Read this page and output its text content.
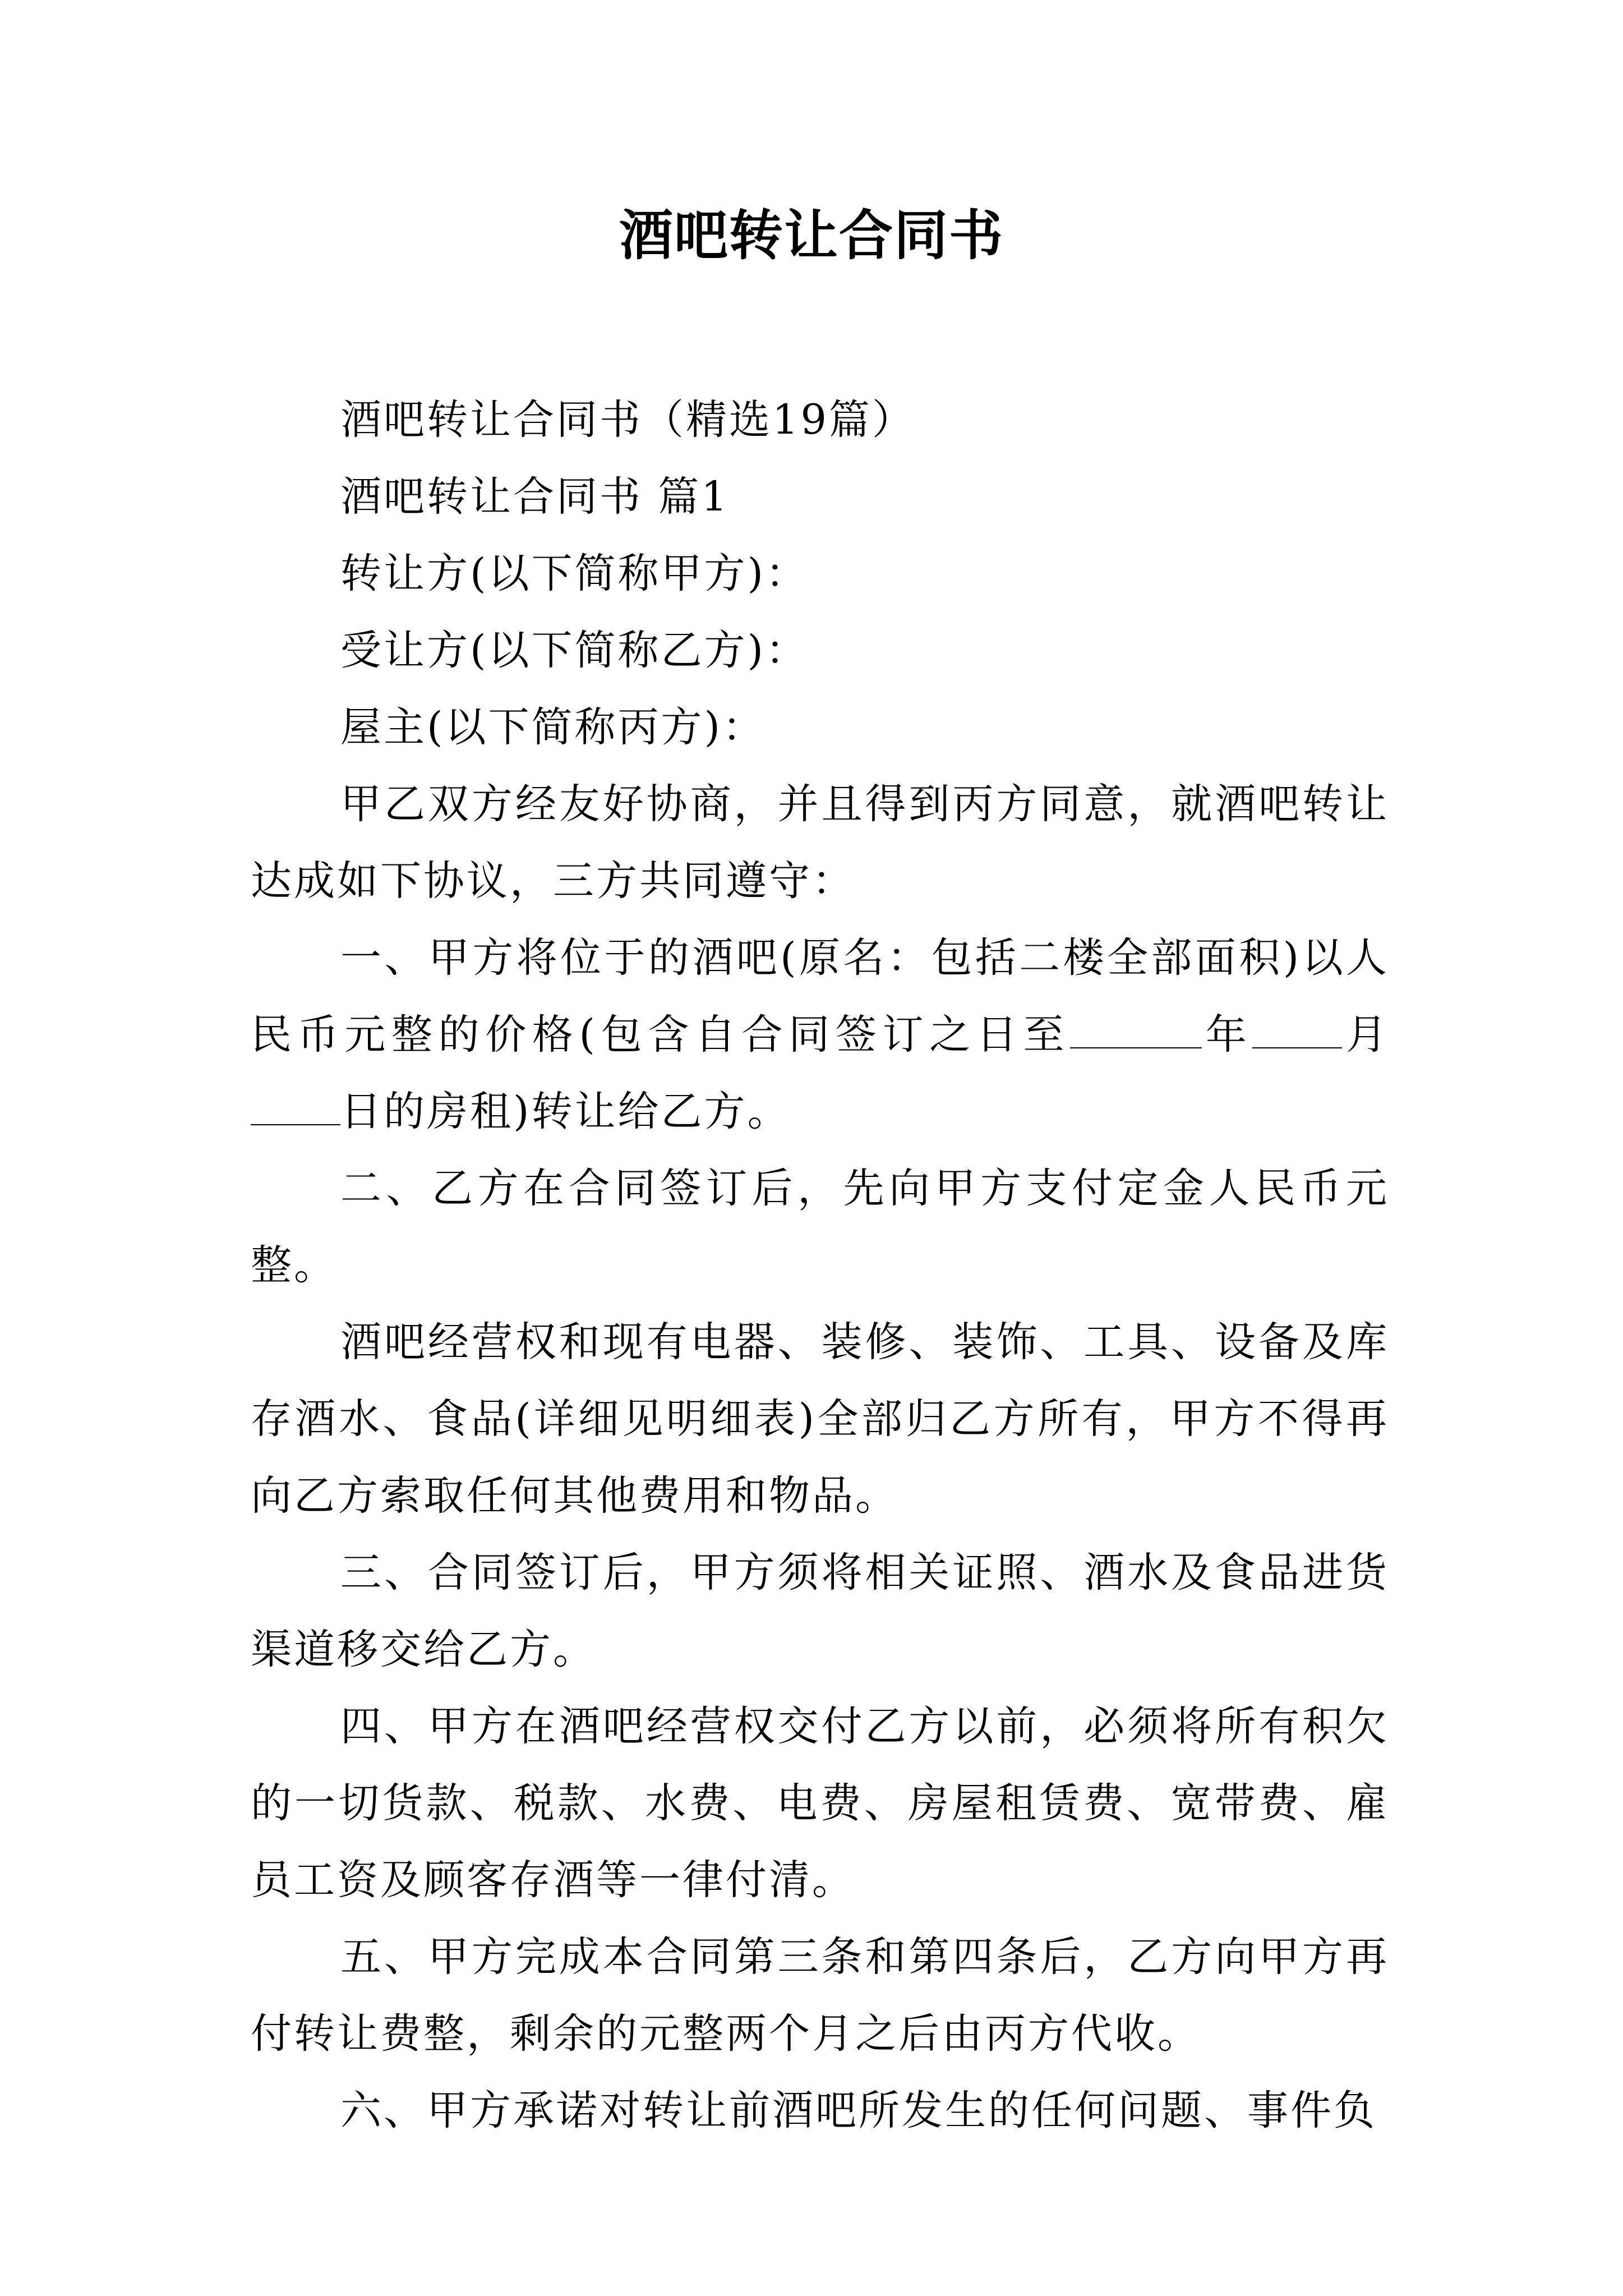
酒吧转让合同书

酒吧转让合同书（精选19篇）

酒吧转让合同书 篇1

转让方(以下简称甲方)：

受让方(以下简称乙方)：

屋主(以下简称丙方)：

甲乙双方经友好协商，并且得到丙方同意，就酒吧转让达成如下协议，三方共同遵守：

一、甲方将位于的酒吧(原名：包括二楼全部面积)以人民币元整的价格(包含自合同签订之日至	年 月日的房租)转让给乙方。

二、乙方在合同签订后，先向甲方支付定金人民币元整。

酒吧经营权和现有电器、装修、装饰、工具、设备及库存酒水、食品(详细见明细表)全部归乙方所有，甲方不得再向乙方索取任何其他费用和物品。

三、合同签订后，甲方须将相关证照、酒水及食品进货渠道移交给乙方。

四、甲方在酒吧经营权交付乙方以前，必须将所有积欠的一切货款、税款、水费、电费、房屋租赁费、宽带费、雇员工资及顾客存酒等一律付清。

五、甲方完成本合同第三条和第四条后，乙方向甲方再付转让费整，剩余的元整两个月之后由丙方代收。

六、甲方承诺对转让前酒吧所发生的任何问题、事件负
